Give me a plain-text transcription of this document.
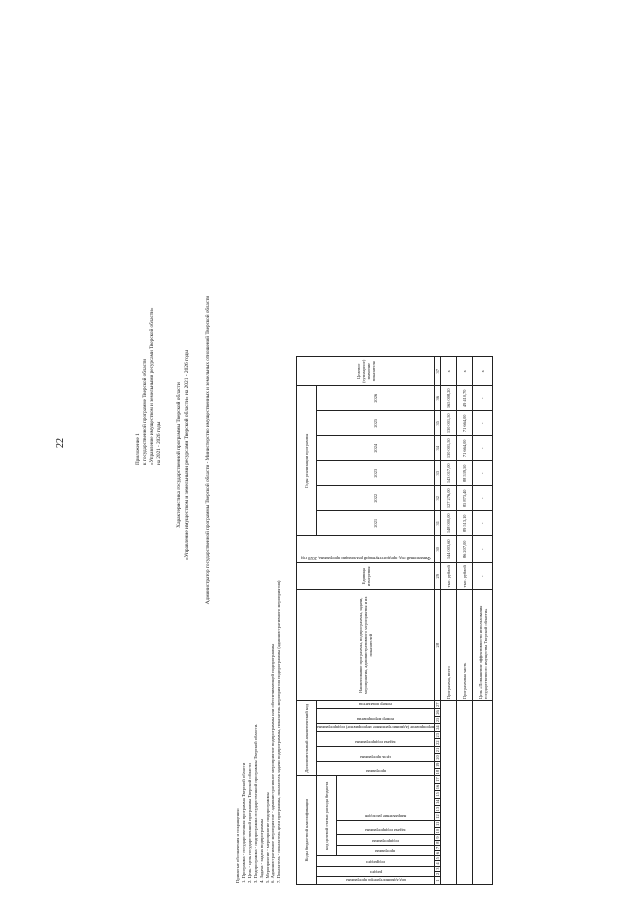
22	Приложение 1 к государственной программе Тверской области «Управление имуществом и земельными ресурсами Тверской области» на 2021 - 2026 годы	Характеристика государственной программы Тверской области «Управление имуществом и земельными ресурсами Тверской области» на 2021 - 2026 годы	Администратор государственной программы Тверской области - Министерство имущественных и земельных отношений Тверской области
Принятые обозначения и сокращения: 1. Программа - государственная программа Тверской области 2. Цель - цель государственной программы Тверской области 3. Подпрограмма - подпрограмма государственной программы Тверской области. 4. Задача - задача подпрограммы 5. Мероприятие - мероприятие подпрограммы 6. Административное мероприятие - административное мероприятие подпрограммы или обеспечивающей подпрограммы 7. Показатель - показатель цели программы, показатель задачи подпрограммы, показатель мероприятия подпрограммы (административного мероприятия)	Коды бюджетной классификации																	Дополнительный аналитический код										Наименование программы, подпрограммы, задачи, мероприятия, административного мероприятия и их показателей	Единица измерения	Финансовый год, предшествующий реализации программы, 2020 год	Годы реализации программы						Целевое (суммарное) значение показателя

код администратора программы	раздел		подраздел		код целевой статьи расхода бюджета												программа		цель программы		задача подпрограммы		мероприятие (административное мероприятие) подпрограммы	номер мероприятия		номер показателя				2021	2022	2023	2024	2025	2026	

					программа		подпрограмма		задача подпрограммы		направление расходов																									

1	2	3	4	5	6	7	8	9	10	11	12	13	14	15	16	17	18	19	20	21	22	23	24	25	26	27	28	29	30	31	32	33	34	35	36	37
																											Программа, всего	тыс. рублей	144 003,60	148 000,00	127 276,00	143 017,00	130 001,50	130 001,50	165 008,20	х
																											Программная часть	тыс. рублей	86 207,00	89 513,10	85 873,40	88 539,50	71 664,00	71 664,00	49 410,70	х
																											Цель «Повышение эффективности использования государственного имущества Тверской области»	-	-	-	-	-	-	-	-	х
